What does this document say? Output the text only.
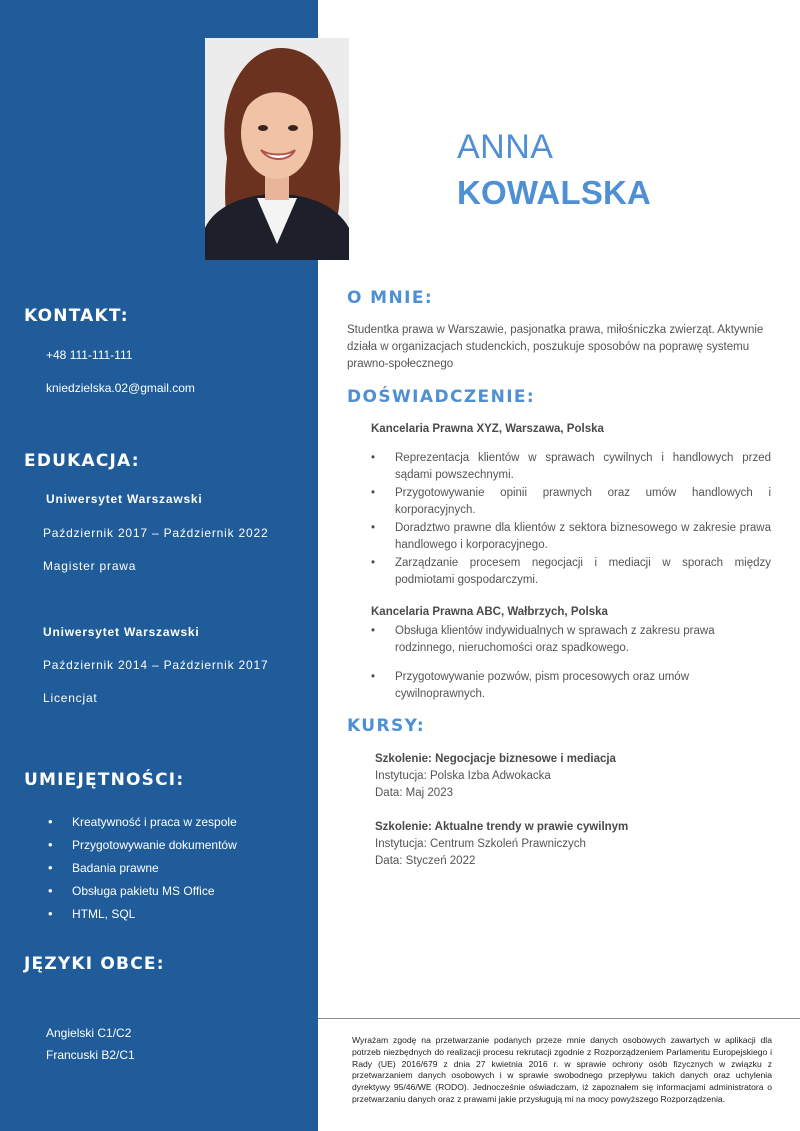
KONTAKT:
+48 111-111-111
kniedzielska.02@gmail.com
EDUKACJA:
Uniwersytet Warszawski
Październik 2017 – Październik 2022
Magister prawa
Uniwersytet Warszawski
Październik 2014 – Październik 2017
Licencjat
UMIEJĘTNOŚCI:
• Kreatywność i praca w zespole
• Przygotowywanie dokumentów
• Badania prawne
• Obsługa pakietu MS Office
• HTML, SQL
JĘZYKI OBCE:
Angielski C1/C2
Francuski B2/C1
ANNA
KOWALSKA
O MNIE:
Studentka prawa w Warszawie, pasjonatka prawa, miłośniczka zwierząt. Aktywnie działa w organizacjach studenckich, poszukuje sposobów na poprawę systemu prawno-społecznego
DOŚWIADCZENIE:
Kancelaria Prawna XYZ, Warszawa, Polska
• Reprezentacja klientów w sprawach cywilnych i handlowych przed sądami powszechnymi.
• Przygotowywanie opinii prawnych oraz umów handlowych i korporacyjnych.
• Doradztwo prawne dla klientów z sektora biznesowego w zakresie prawa handlowego i korporacyjnego.
• Zarządzanie procesem negocjacji i mediacji w sporach między podmiotami gospodarczymi.
Kancelaria Prawna ABC, Wałbrzych, Polska
• Obsługa klientów indywidualnych w sprawach z zakresu prawa rodzinnego, nieruchomości oraz spadkowego.
• Przygotowywanie pozwów, pism procesowych oraz umów cywilnoprawnych.
KURSY:
Szkolenie: Negocjacje biznesowe i mediacja
Instytucja: Polska Izba Adwokacka
Data: Maj 2023
Szkolenie: Aktualne trendy w prawie cywilnym
Instytucja: Centrum Szkoleń Prawniczych
Data: Styczeń 2022
Wyrażam zgodę na przetwarzanie podanych przeze mnie danych osobowych zawartych w aplikacji dla potrzeb niezbędnych do realizacji procesu rekrutacji zgodnie z Rozporządzeniem Parlamentu Europejskiego i Rady (UE) 2016/679 z dnia 27 kwietnia 2016 r. w sprawie ochrony osób fizycznych w związku z przetwarzaniem danych osobowych i w sprawie swobodnego przepływu takich danych oraz uchylenia dyrektywy 95/46/WE (RODO). Jednocześnie oświadczam, iż zapoznałem się informacjami administratora o przetwarzaniu danych oraz z prawami jakie przysługują mi na mocy powyższego Rozporządzenia.
